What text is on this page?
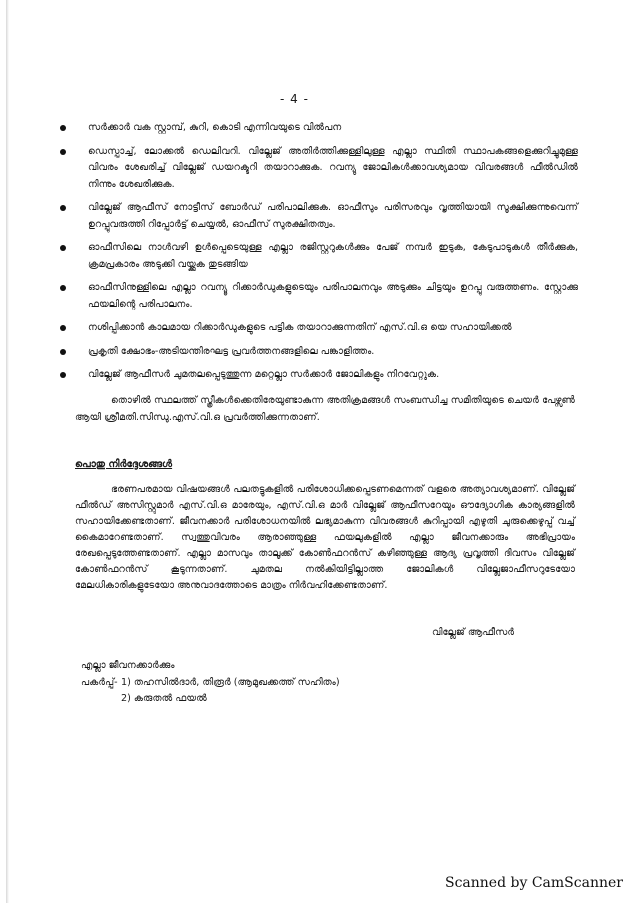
- 4 -
സർക്കാർ വക സ്റ്റാമ്പ്, കുറി, കൊടി എന്നിവയുടെ വിൽപന
ഡെസ്പാച്ച്, ലോക്കൽ ഡെലിവറി. വില്ലേജ് അതിർത്തിക്കുള്ളിലുള്ള എല്ലാ സ്ഥിതി സ്ഥാപകങ്ങളെക്കുറിച്ചുമുള്ള വിവരം ശേഖരിച്ച് വില്ലേജ് ഡയറക്ടറി തയാറാക്കുക. റവന്യു ജോലികൾക്കാവശ്യമായ വിവരങ്ങൾ ഫീൽഡിൽ നിന്നും ശേഖരിക്കുക.
വില്ലേജ് ആഫീസ് നോട്ടീസ് ബോർഡ് പരിപാലിക്കുക. ഓഫീസും പരിസരവും വൃത്തിയായി സൂക്ഷിക്കുന്നുവെന്ന് ഉറപ്പുവരുത്തി റിപ്പോർട്ട് ചെയ്യൽ, ഓഫീസ് സുരക്ഷിതത്വം.
ഓഫീസിലെ നാൾവഴി ഉൾപ്പെടെയുള്ള എല്ലാ രജിസ്റ്ററുകൾക്കും പേജ് നമ്പർ ഇടുക, കേടുപാടുകൾ തീർക്കുക, ക്രമപ്രകാരം അടുക്കി വയ്ക്കുക തുടങ്ങിയ
ഓഫീസിനുള്ളിലെ എല്ലാ റവന്യൂ റിക്കാർഡുകളുടെയും പരിപാലനവും അടുക്കും ചിട്ടയും ഉറപ്പു വരുത്തണം. സ്റ്റോക്കു ഫയലിന്റെ പരിപാലനം.
നശിപ്പിക്കാൻ കാലമായ റിക്കാർഡുകളുടെ പട്ടിക തയാറാക്കുന്നതിന് എസ്.വി.ഒ യെ സഹായിക്കൽ
പ്രകൃതി ക്ഷോഭം-അടിയന്തിരഘട്ട പ്രവർത്തനങ്ങളിലെ പങ്കാളിത്തം.
വില്ലേജ് ആഫീസർ ചുമതലപ്പെടുത്തുന്ന മറ്റെല്ലാ സർക്കാർ ജോലികളും നിറവേറ്റുക.
തൊഴിൽ സ്ഥലത്ത് സ്ത്രീകൾക്കെതിരേയുണ്ടാകുന്ന അതിക്രമങ്ങൾ സംബന്ധിച്ച സമിതിയുടെ ചെയർ പേഴ്സൺ ആയി ശ്രീമതി.സിന്ധു.എസ്.വി.ഒ പ്രവർത്തിക്കുന്നതാണ്.
പൊതു നിർദ്ദേശങ്ങൾ
ഭരണപരമായ വിഷയങ്ങൾ പലതട്ടുകളിൽ പരിശോധിക്കപ്പെടണമെന്നത് വളരെ അത്യാവശ്യമാണ്. വില്ലേജ് ഫീൽഡ് അസിസ്റ്റുമാർ എസ്.വി.ഒ മാരേയും, എസ്.വി.ഒ മാർ വില്ലേജ് ആഫീസറേയും ഔദ്യോഗിക കാര്യങ്ങളിൽ സഹായിക്കേണ്ടതാണ്. ജീവനക്കാർ പരിശോധനയിൽ ലഭ്യമാകുന്ന വിവരങ്ങൾ കുറിപ്പായി എഴുതി ചുരുക്കെഴുപ്പ് വച്ച് കൈമാറേണ്ടതാണ്. സ്വത്തുവിവരം ആരാഞ്ഞുള്ള ഫയലുകളിൽ എല്ലാ ജീവനക്കാരും അഭിപ്രായം രേഖപ്പെടുത്തേണ്ടതാണ്. എല്ലാ മാസവും താലൂക്ക് കോൺഫറൻസ് കഴിഞ്ഞുള്ള ആദ്യ പ്രവൃത്തി ദിവസം വില്ലേജ് കോൺഫറൻസ് കൂടുന്നതാണ്. ചുമതല നൽകിയിട്ടില്ലാത്ത ജോലികൾ വില്ലേജാഫീസറുടേയോ മേലധികാരികളുടേയോ അനുവാദത്തോടെ മാത്രം നിർവഹിക്കേണ്ടതാണ്.
വില്ലേജ് ആഫീസർ
എല്ലാ ജീവനക്കാർക്കും
പകർപ്പ്- 1) തഹസിൽദാർ, തിരൂർ (ആമുഖക്കത്ത് സഹിതം)
2) കരുതൽ ഫയൽ
Scanned by CamScanner
